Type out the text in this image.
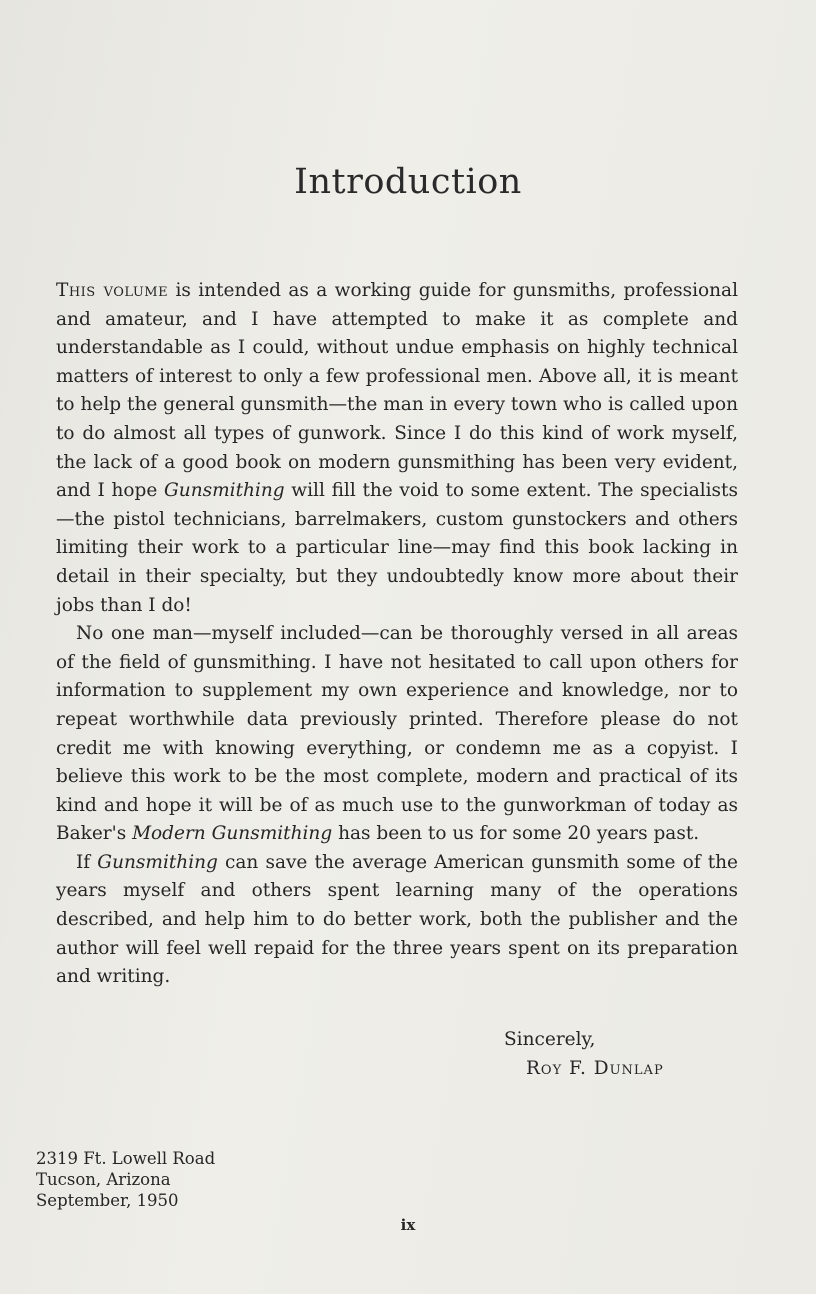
Introduction

This volume is intended as a working guide for gunsmiths, professional and amateur, and I have attempted to make it as complete and understandable as I could, without undue emphasis on highly technical matters of interest to only a few professional men. Above all, it is meant to help the general gunsmith—the man in every town who is called upon to do almost all types of gunwork. Since I do this kind of work myself, the lack of a good book on modern gunsmithing has been very evident, and I hope Gunsmithing will fill the void to some extent. The specialists—the pistol technicians, barrelmakers, custom gunstockers and others limiting their work to a particular line—may find this book lacking in detail in their specialty, but they undoubtedly know more about their jobs than I do!

No one man—myself included—can be thoroughly versed in all areas of the field of gunsmithing. I have not hesitated to call upon others for information to supplement my own experience and knowledge, nor to repeat worthwhile data previously printed. Therefore please do not credit me with knowing everything, or condemn me as a copyist. I believe this work to be the most complete, modern and practical of its kind and hope it will be of as much use to the gunworkman of today as Baker's Modern Gunsmithing has been to us for some 20 years past.

If Gunsmithing can save the average American gunsmith some of the years myself and others spent learning many of the operations described, and help him to do better work, both the publisher and the author will feel well repaid for the three years spent on its preparation and writing.

Sincerely,
Roy F. Dunlap
2319 Ft. Lowell Road
Tucson, Arizona
September, 1950
ix
